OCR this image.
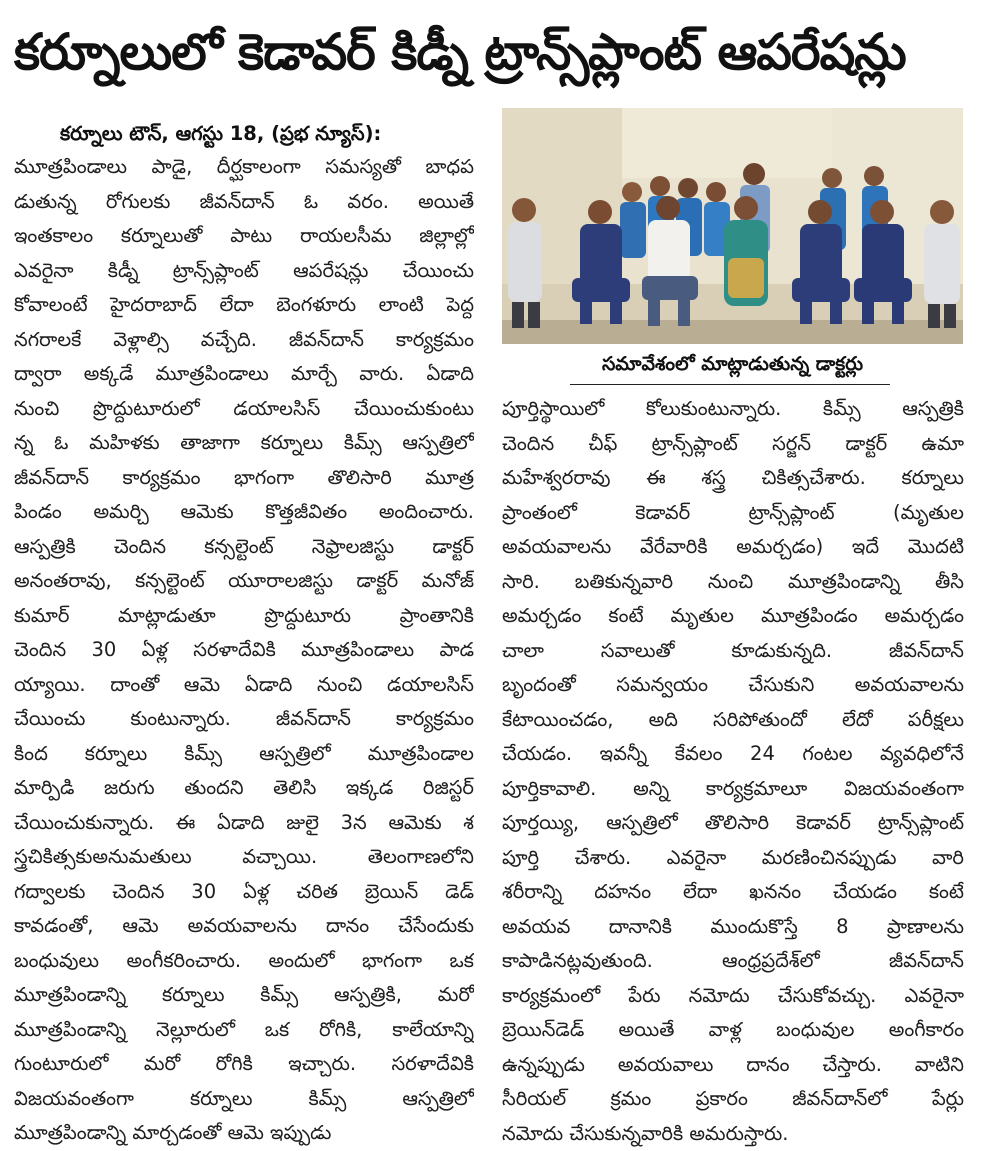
కర్నూలులో కెడావర్ కిడ్నీ ట్రాన్స్‌ప్లాంట్ ఆపరేషన్లు
కర్నూలు టౌన్, ఆగస్టు 18, (ప్రభ న్యూస్):
మూత్రపిండాలు పాడై, దీర్ఘకాలంగా సమస్యతో బాధప
డుతున్న రోగులకు జీవన్‌దాన్ ఓ వరం. అయితే
ఇంతకాలం కర్నూలుతో పాటు రాయలసీమ జిల్లాల్లో
ఎవరైనా కిడ్నీ ట్రాన్స్‌ప్లాంట్ ఆపరేషన్లు చేయించు
కోవాలంటే హైదరాబాద్ లేదా బెంగళూరు లాంటి పెద్ద
నగరాలకే వెళ్లాల్సి వచ్చేది. జీవన్‌దాన్ కార్యక్రమం
ద్వారా అక్కడే మూత్రపిండాలు మార్చే వారు. ఏడాది
నుంచి ప్రొద్దుటూరులో డయాలసిస్ చేయించుకుంటు
న్న ఓ మహిళకు తాజాగా కర్నూలు కిమ్స్ ఆస్పత్రిలో
జీవన్‌దాన్ కార్యక్రమం భాగంగా తొలిసారి మూత్ర
పిండం అమర్చి ఆమెకు కొత్తజీవితం అందించారు.
ఆస్పత్రికి చెందిన కన్సల్టెంట్ నెఫ్రాలజిస్టు డాక్టర్
అనంతరావు, కన్సల్టెంట్ యూరాలజిస్టు డాక్టర్ మనోజ్
కుమార్ మాట్లాడుతూ ప్రొద్దుటూరు ప్రాంతానికి
చెందిన 30 ఏళ్ల సరళాదేవికి మూత్రపిండాలు పాడ
య్యాయి. దాంతో ఆమె ఏడాది నుంచి డయాలసిస్
చేయించు కుంటున్నారు. జీవన్‌దాన్ కార్యక్రమం
కింద కర్నూలు కిమ్స్ ఆస్పత్రిలో మూత్రపిండాల
మార్పిడి జరుగు తుందని తెలిసి ఇక్కడ రిజిస్టర్
చేయించుకున్నారు. ఈ ఏడాది జులై 3న ఆమెకు శ
స్త్రచికిత్సకుఅనుమతులు వచ్చాయి. తెలంగాణలోని
గద్వాలకు చెందిన 30 ఏళ్ల చరిత బ్రెయిన్ డెడ్
కావడంతో, ఆమె అవయవాలను దానం చేసేందుకు
బంధువులు అంగీకరించారు. అందులో భాగంగా ఒక
మూత్రపిండాన్ని కర్నూలు కిమ్స్ ఆస్పత్రికి, మరో
మూత్రపిండాన్ని నెల్లూరులో ఒక రోగికి, కాలేయాన్ని
గుంటూరులో మరో రోగికి ఇచ్చారు. సరళాదేవికి
విజయవంతంగా కర్నూలు కిమ్స్ ఆస్పత్రిలో
మూత్రపిండాన్ని మార్చడంతో ఆమె ఇప్పుడు
సమావేశంలో మాట్లాడుతున్న డాక్టర్లు
పూర్తిస్థాయిలో కోలుకుంటున్నారు. కిమ్స్ ఆస్పత్రికి
చెందిన చీఫ్ ట్రాన్స్‌ప్లాంట్ సర్జన్ డాక్టర్ ఉమా
మహేశ్వరరావు ఈ శస్త్ర చికిత్సచేశారు. కర్నూలు
ప్రాంతంలో కెడావర్ ట్రాన్స్‌ప్లాంట్ (మృతుల
అవయవాలను వేరేవారికి అమర్చడం) ఇదే మొదటి
సారి. బతికున్నవారి నుంచి మూత్రపిండాన్ని తీసి
అమర్చడం కంటే మృతుల మూత్రపిండం అమర్చడం
చాలా సవాలుతో కూడుకున్నది. జీవన్‌దాన్
బృందంతో సమన్వయం చేసుకుని అవయవాలను
కేటాయించడం, అది సరిపోతుందో లేదో పరీక్షలు
చేయడం. ఇవన్నీ కేవలం 24 గంటల వ్యవధిలోనే
పూర్తికావాలి. అన్ని కార్యక్రమాలూ విజయవంతంగా
పూర్తయ్యి, ఆస్పత్రిలో తొలిసారి కెడావర్ ట్రాన్స్‌ప్లాంట్
పూర్తి చేశారు. ఎవరైనా మరణించినప్పుడు వారి
శరీరాన్ని దహనం లేదా ఖననం చేయడం కంటే
అవయవ దానానికి ముందుకొస్తే 8 ప్రాణాలను
కాపాడినట్లవుతుంది. ఆంధ్రప్రదేశ్‌లో జీవన్‌దాన్
కార్యక్రమంలో పేరు నమోదు చేసుకోవచ్చు. ఎవరైనా
బ్రెయిన్‌డెడ్ అయితే వాళ్ల బంధువుల అంగీకారం
ఉన్నప్పుడు అవయవాలు దానం చేస్తారు. వాటిని
సీరియల్ క్రమం ప్రకారం జీవన్‌దాన్‌లో పేర్లు
నమోదు చేసుకున్నవారికి అమరుస్తారు.
